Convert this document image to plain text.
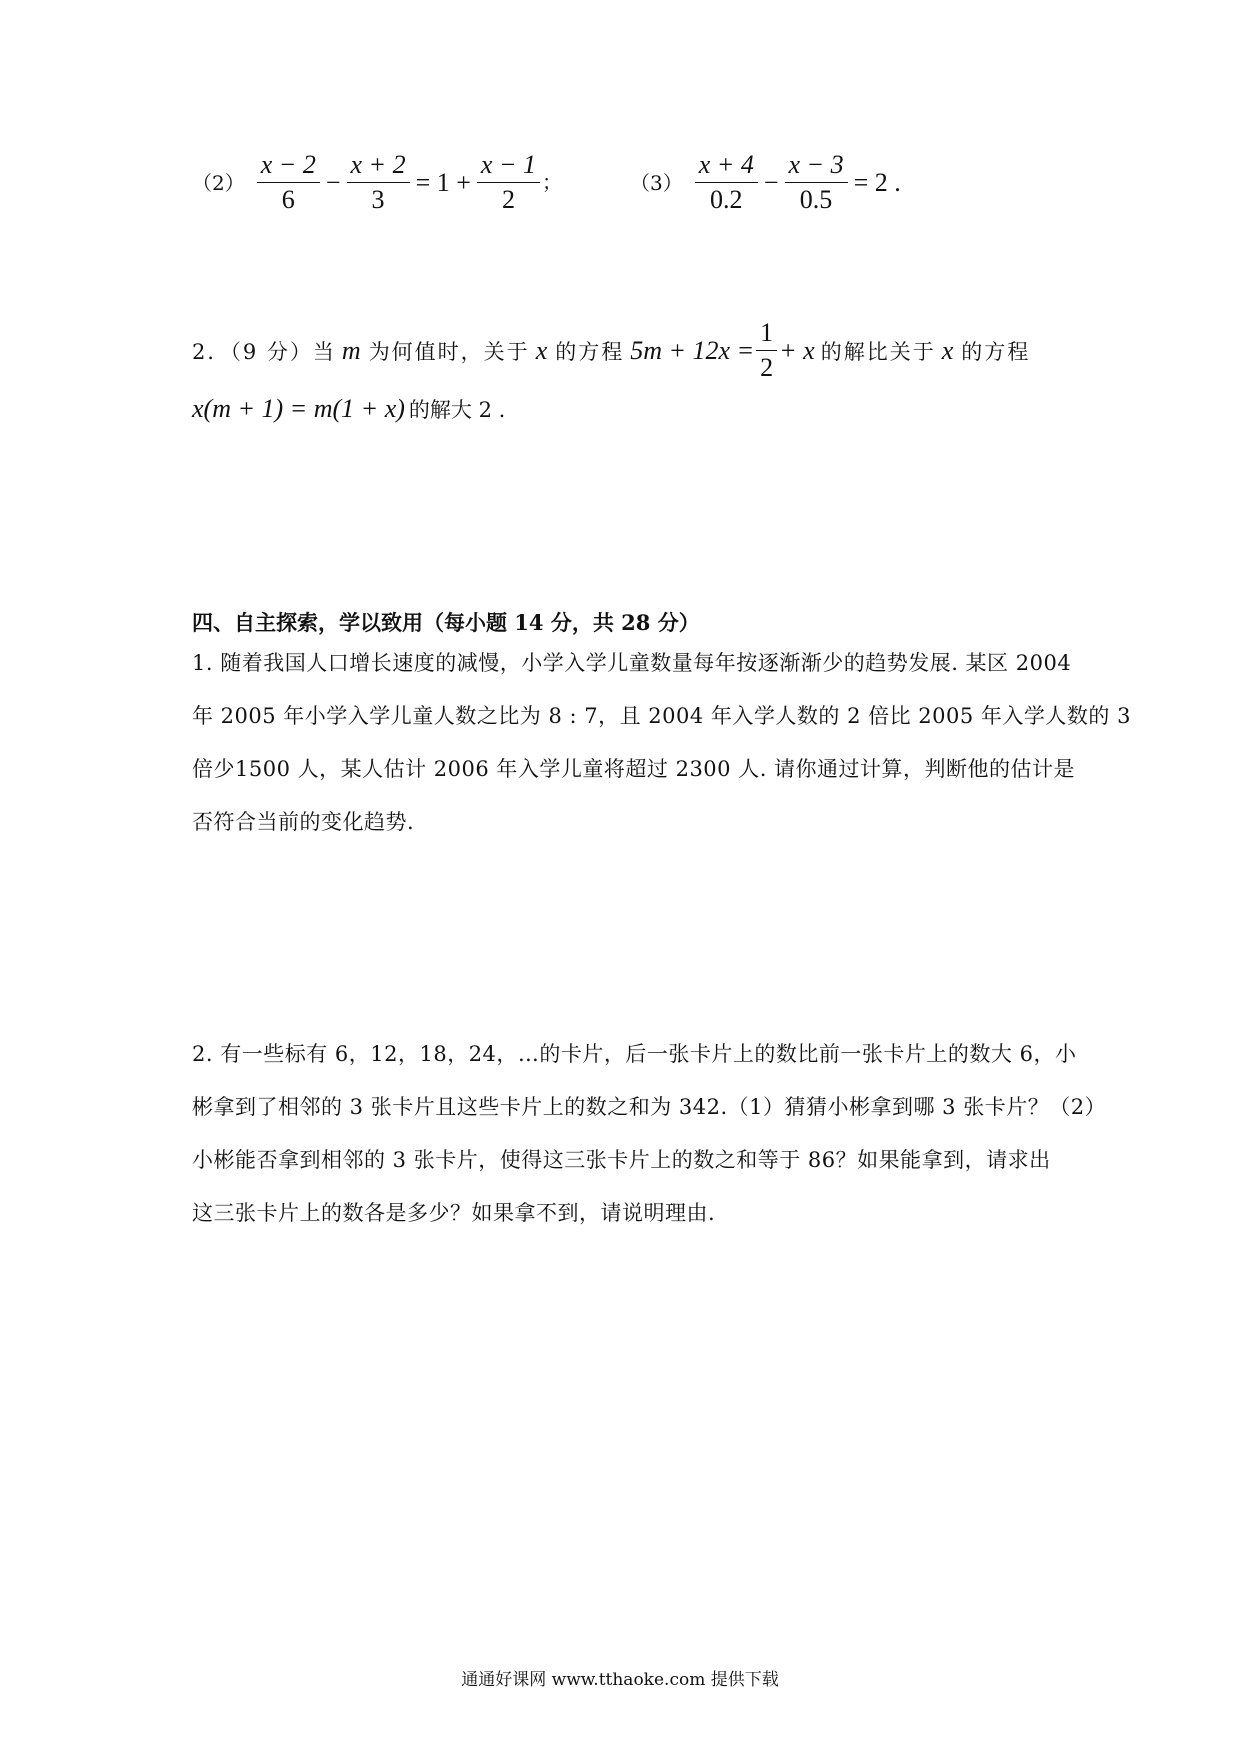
$(2) \frac{x - 2}{6} - \frac{x + 2}{3} = 1 + \frac{x - 1}{2}$ ；	$(3) \frac{x + 4}{0.2} - \frac{x - 3}{0.5} = 2$ .
2．（9 分）当 m 为何值时，关于 x 的方程 $5m + 12x = \frac{1}{2} + x$ 的解比关于 x 的方程
x(m + 1) = m(1 + x) 的解大 2 .
四、自主探索，学以致用（每小题 14 分，共 28 分）
1. 随着我国人口增长速度的减慢，小学入学儿童数量每年按逐渐渐少的趋势发展. 某区 2004
年 2005 年小学入学儿童人数之比为 8 : 7，且 2004 年入学人数的 2 倍比 2005 年入学人数的 3
倍少1500 人，某人估计 2006 年入学儿童将超过 2300 人. 请你通过计算，判断他的估计是
否符合当前的变化趋势.
2. 有一些标有 6，12，18，24，…的卡片，后一张卡片上的数比前一张卡片上的数大 6，小
彬拿到了相邻的 3 张卡片且这些卡片上的数之和为 342.（1）猜猜小彬拿到哪 3 张卡片？（2）
小彬能否拿到相邻的 3 张卡片，使得这三张卡片上的数之和等于 86？如果能拿到，请求出
这三张卡片上的数各是多少？如果拿不到，请说明理由.
通通好课网 www.tthaoke.com 提供下载
